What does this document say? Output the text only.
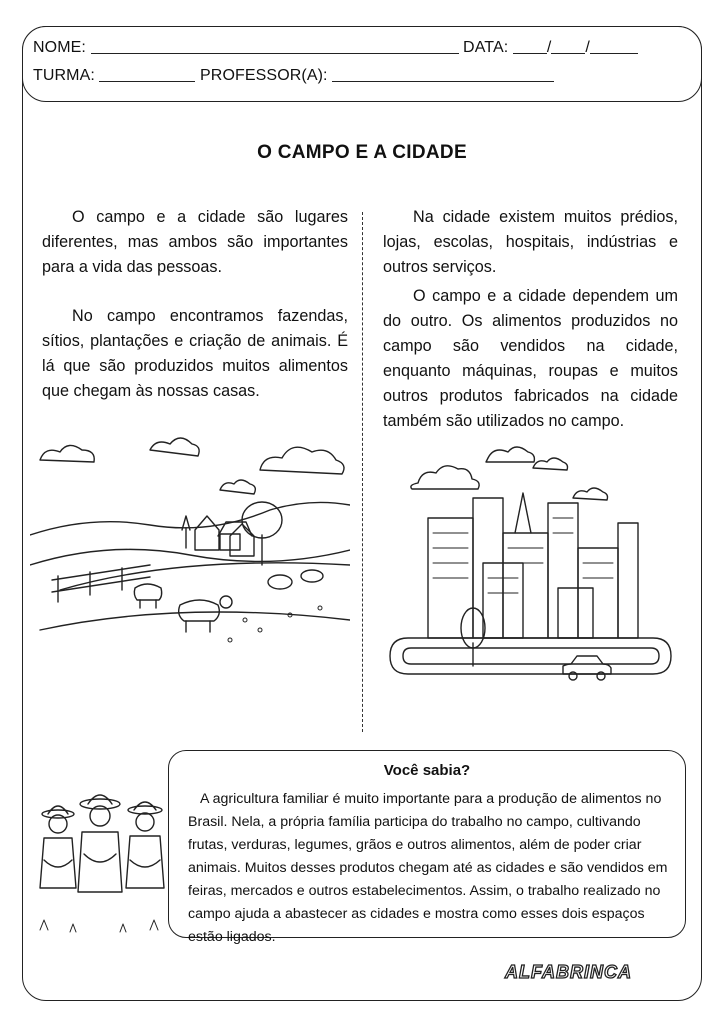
NOME:	DATA: / /
TURMA:	PROFESSOR(A):
O CAMPO E A CIDADE

O campo e a cidade são lugares diferentes, mas ambos são importantes para a vida das pessoas.

No campo encontramos fazendas, sítios, plantações e criação de animais. É lá que são produzidos muitos alimentos que chegam às nossas casas.

Na cidade existem muitos prédios, lojas, escolas, hospitais, indústrias e outros serviços.

O campo e a cidade dependem um do outro. Os alimentos produzidos no campo são vendidos na cidade, enquanto máquinas, roupas e muitos outros produtos fabricados na cidade também são utilizados no campo.

Você sabia?

A agricultura familiar é muito importante para a produção de alimentos no Brasil. Nela, a própria família participa do trabalho no campo, cultivando frutas, verduras, legumes, grãos e outros alimentos, além de poder criar animais. Muitos desses produtos chegam até as cidades e são vendidos em feiras, mercados e outros estabelecimentos. Assim, o trabalho realizado no campo ajuda a abastecer as cidades e mostra como esses dois espaços estão ligados.

ALFABRINCA
